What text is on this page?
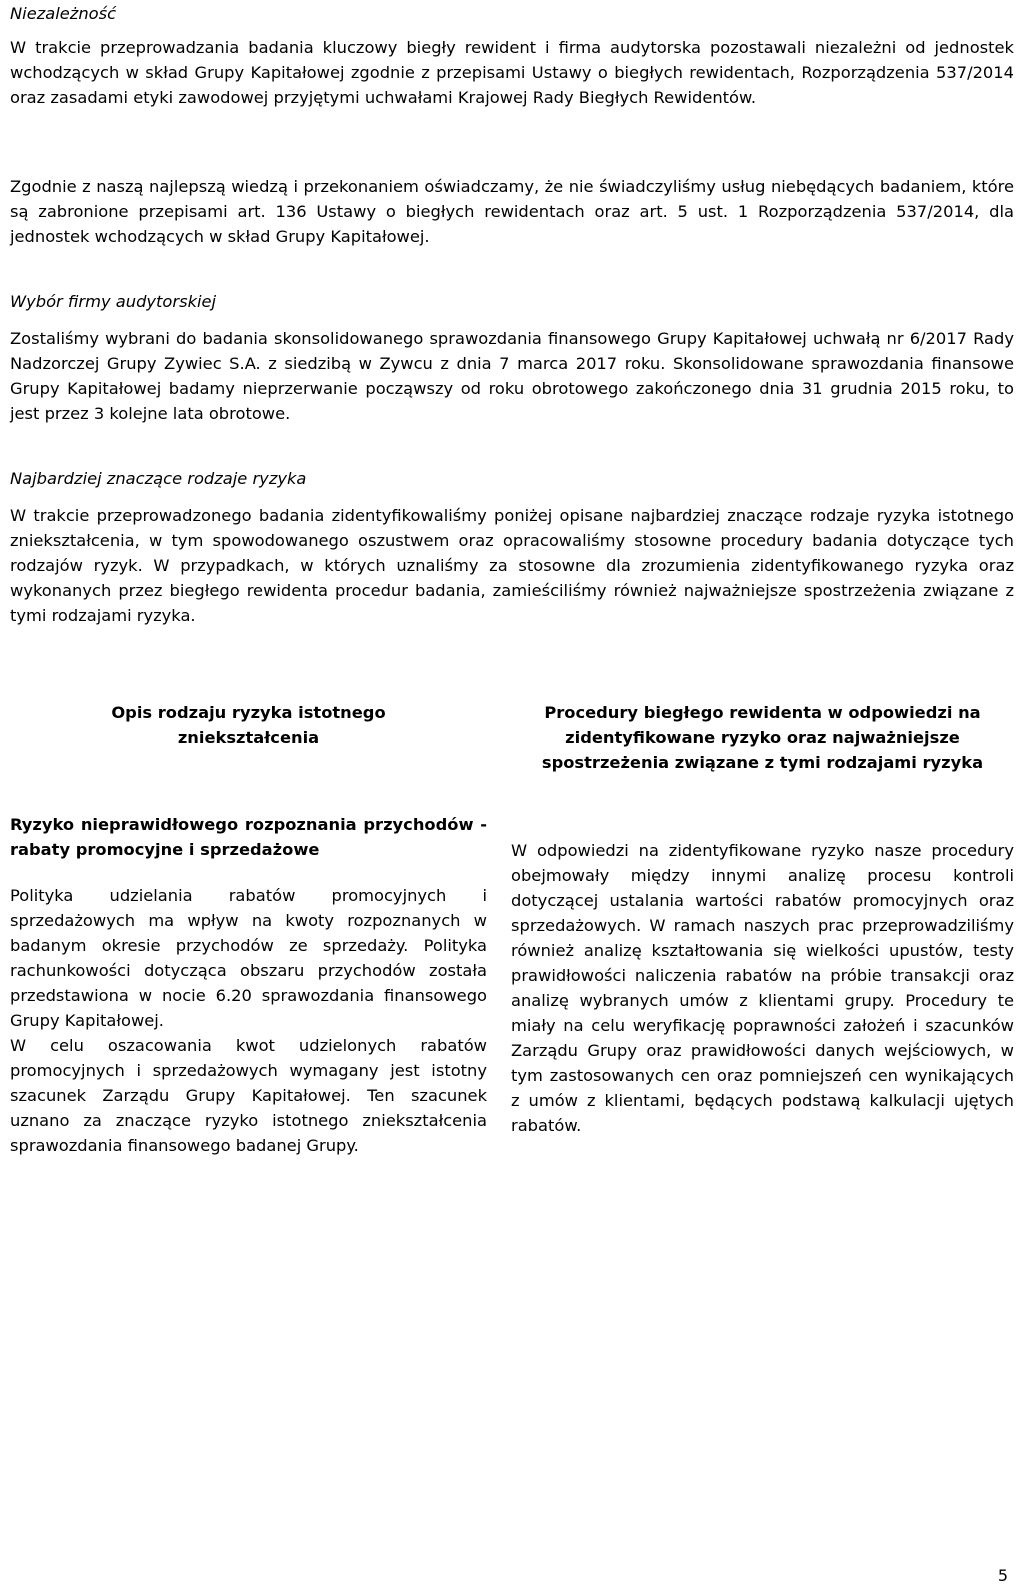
Niezależność

W trakcie przeprowadzania badania kluczowy biegły rewident i firma audytorska pozostawali niezależni od jednostek wchodzących w skład Grupy Kapitałowej zgodnie z przepisami Ustawy o biegłych rewidentach, Rozporządzenia 537/2014 oraz zasadami etyki zawodowej przyjętymi uchwałami Krajowej Rady Biegłych Rewidentów.

Zgodnie z naszą najlepszą wiedzą i przekonaniem oświadczamy, że nie świadczyliśmy usług niebędących badaniem, które są zabronione przepisami art. 136 Ustawy o biegłych rewidentach oraz art. 5 ust. 1 Rozporządzenia 537/2014, dla jednostek wchodzących w skład Grupy Kapitałowej.

Wybór firmy audytorskiej

Zostaliśmy wybrani do badania skonsolidowanego sprawozdania finansowego Grupy Kapitałowej uchwałą nr 6/2017 Rady Nadzorczej Grupy Zywiec S.A. z siedzibą w Zywcu z dnia 7 marca 2017 roku. Skonsolidowane sprawozdania finansowe Grupy Kapitałowej badamy nieprzerwanie począwszy od roku obrotowego zakończonego dnia 31 grudnia 2015 roku, to jest przez 3 kolejne lata obrotowe.

Najbardziej znaczące rodzaje ryzyka

W trakcie przeprowadzonego badania zidentyfikowaliśmy poniżej opisane najbardziej znaczące rodzaje ryzyka istotnego zniekształcenia, w tym spowodowanego oszustwem oraz opracowaliśmy stosowne procedury badania dotyczące tych rodzajów ryzyk. W przypadkach, w których uznaliśmy za stosowne dla zrozumienia zidentyfikowanego ryzyka oraz wykonanych przez biegłego rewidenta procedur badania, zamieściliśmy również najważniejsze spostrzeżenia związane z tymi rodzajami ryzyka.

Opis rodzaju ryzyka istotnego zniekształcenia

Procedury biegłego rewidenta w odpowiedzi na zidentyfikowane ryzyko oraz najważniejsze spostrzeżenia związane z tymi rodzajami ryzyka

Ryzyko nieprawidłowego rozpoznania przychodów - rabaty promocyjne i sprzedażowe

Polityka udzielania rabatów promocyjnych i sprzedażowych ma wpływ na kwoty rozpoznanych w badanym okresie przychodów ze sprzedaży. Polityka rachunkowości dotycząca obszaru przychodów została przedstawiona w nocie 6.20 sprawozdania finansowego Grupy Kapitałowej.

W celu oszacowania kwot udzielonych rabatów promocyjnych i sprzedażowych wymagany jest istotny szacunek Zarządu Grupy Kapitałowej. Ten szacunek uznano za znaczące ryzyko istotnego zniekształcenia sprawozdania finansowego badanej Grupy.

W odpowiedzi na zidentyfikowane ryzyko nasze procedury obejmowały między innymi analizę procesu kontroli dotyczącej ustalania wartości rabatów promocyjnych oraz sprzedażowych. W ramach naszych prac przeprowadziliśmy również analizę kształtowania się wielkości upustów, testy prawidłowości naliczenia rabatów na próbie transakcji oraz analizę wybranych umów z klientami grupy. Procedury te miały na celu weryfikację poprawności założeń i szacunków Zarządu Grupy oraz prawidłowości danych wejściowych, w tym zastosowanych cen oraz pomniejszeń cen wynikających z umów z klientami, będących podstawą kalkulacji ujętych rabatów.

5
